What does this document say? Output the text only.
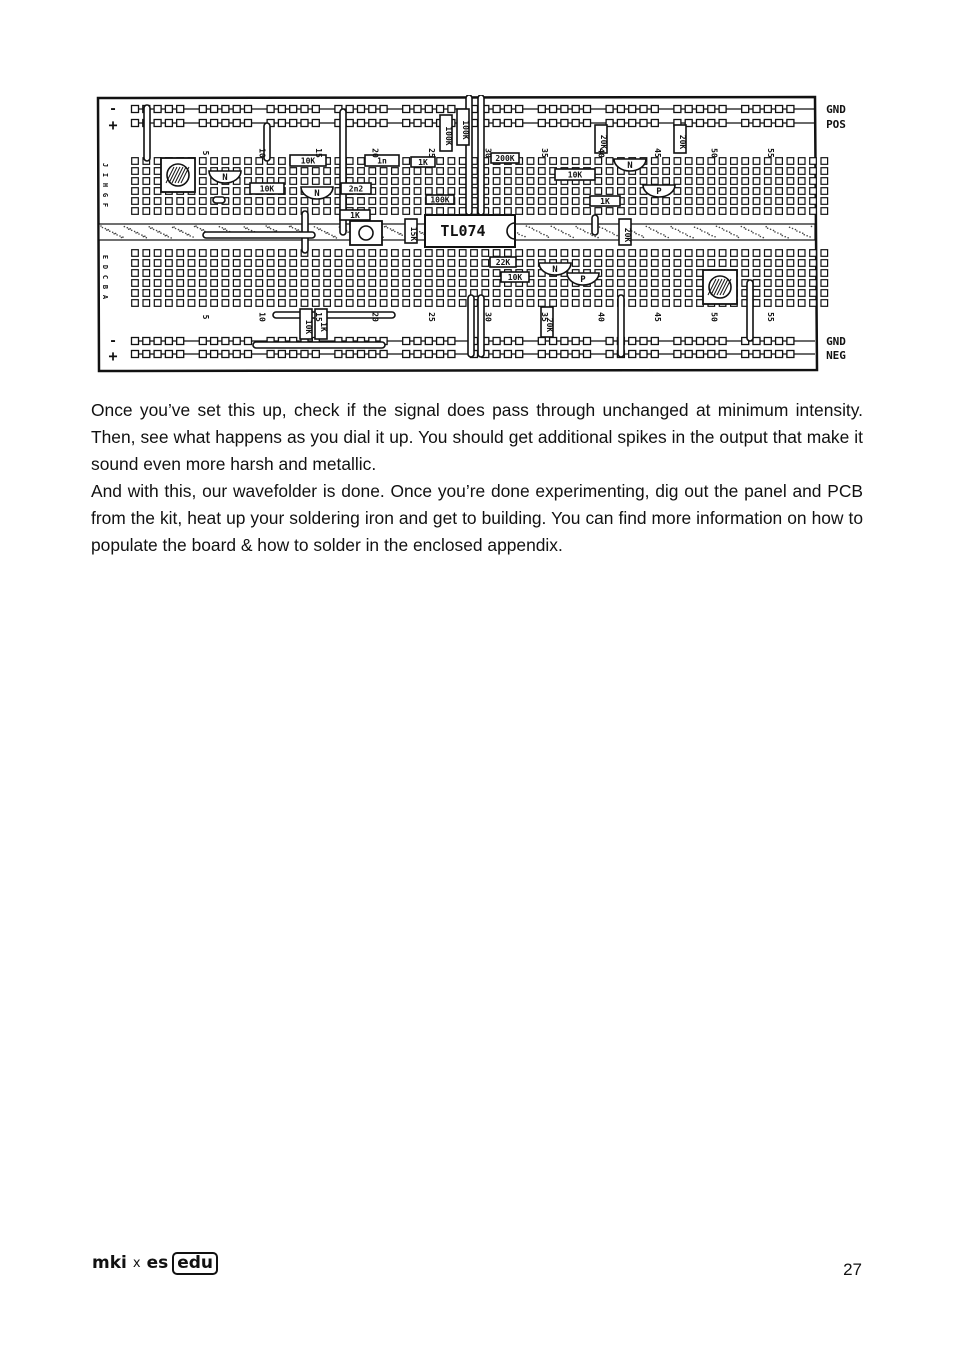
GND
POS
GND
NEG
-
+
-
+
5	10	15	20	25	30	35	40	45	50	55
5	10	15	20	25	30	35	40	45	50	55
J
I
H
G
F
E
D
C
B
A
10K	1n	1K
100K 100K
200K
10K
20K	20K
10K	2n2
1K
100K	1K
20K
15K
22K
10K
20K
10K 1K
N
N
N
P
N
P
TL074

Once you’ve set this up, check if the signal does pass through unchanged at minimum intensity. Then, see what happens as you dial it up. You should get additional spikes in the output that make it sound even more harsh and metallic.

And with this, our wavefolder is done. Once you’re done experimenting, dig out the panel and PCB from the kit, heat up your soldering iron and get to building. You can find more information on how to populate the board & how to solder in the enclosed appendix.

mki x es edu	27
